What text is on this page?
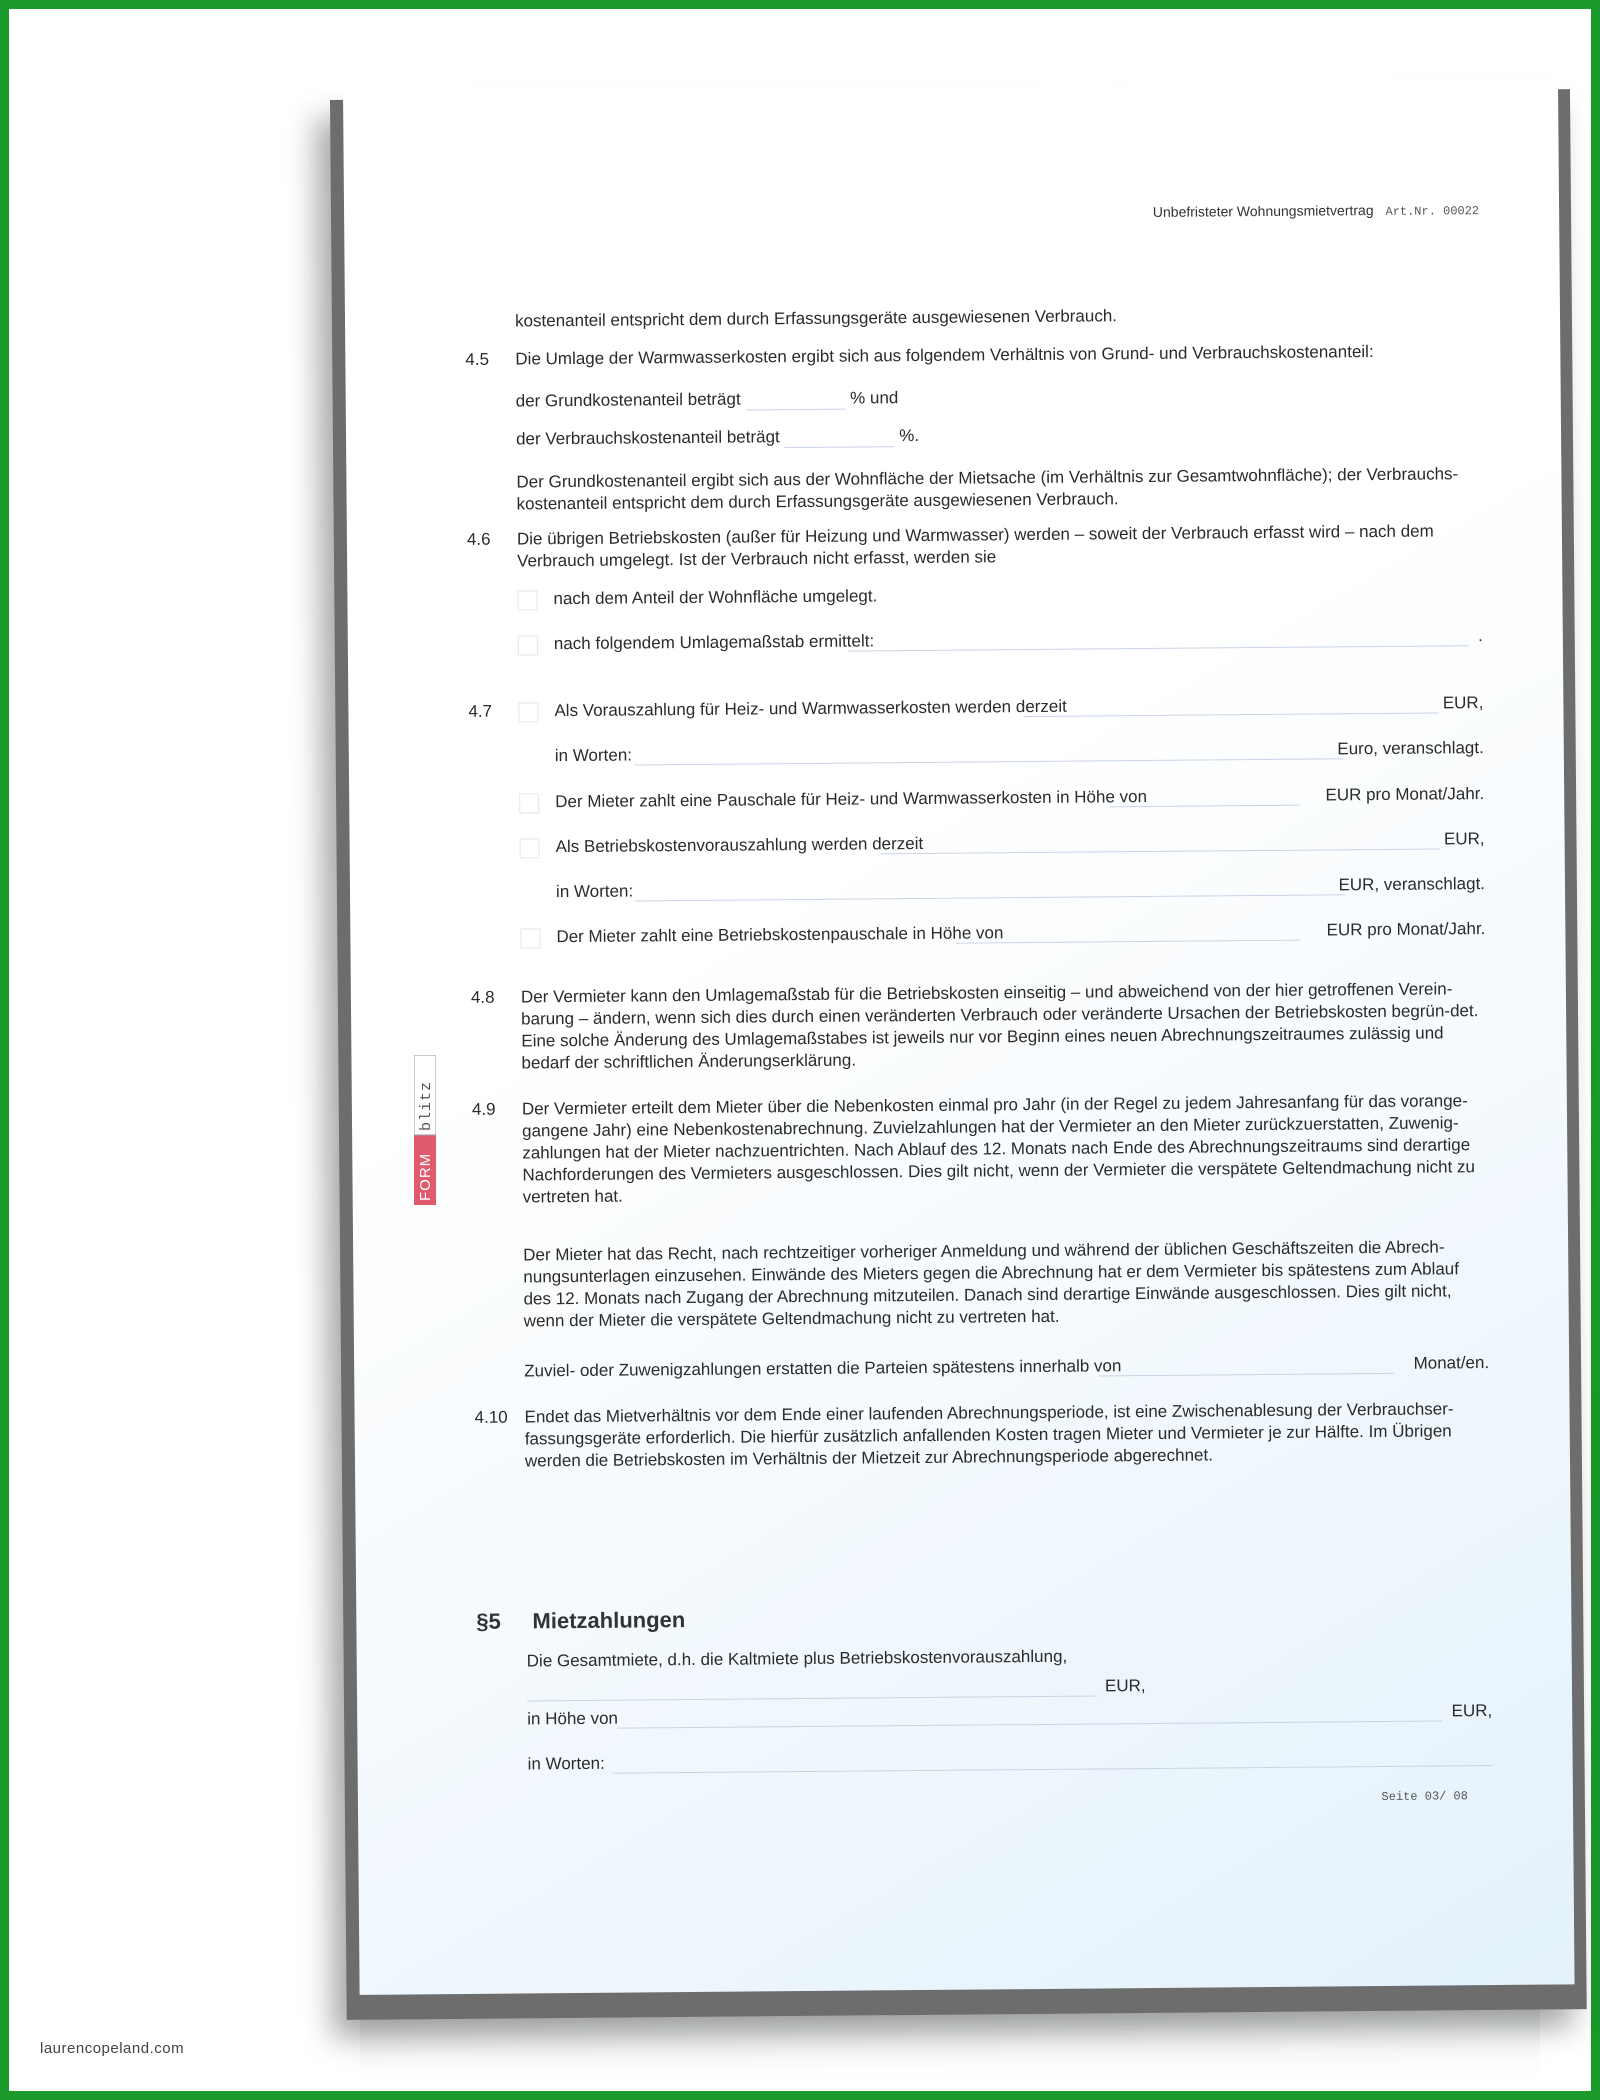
Unbefristeter Wohnungsmietvertrag Art.Nr. 00022
kostenanteil entspricht dem durch Erfassungsgeräte ausgewiesenen Verbrauch.
4.5	Die Umlage der Warmwasserkosten ergibt sich aus folgendem Verhältnis von Grund- und Verbrauchskostenanteil:
der Grundkostenanteil beträgt	% und
der Verbrauchskostenanteil beträgt	%.
Der Grundkostenanteil ergibt sich aus der Wohnfläche der Mietsache (im Verhältnis zur Gesamtwohnfläche); der Verbrauchs-kostenanteil entspricht dem durch Erfassungsgeräte ausgewiesenen Verbrauch.
4.6	Die übrigen Betriebskosten (außer für Heizung und Warmwasser) werden – soweit der Verbrauch erfasst wird – nach dem Verbrauch umgelegt. Ist der Verbrauch nicht erfasst, werden sie
nach dem Anteil der Wohnfläche umgelegt.
nach folgendem Umlagemaßstab ermittelt:	.
4.7	Als Vorauszahlung für Heiz- und Warmwasserkosten werden derzeit	EUR,
in Worten:	Euro, veranschlagt.
Der Mieter zahlt eine Pauschale für Heiz- und Warmwasserkosten in Höhe von	EUR pro Monat/Jahr.
Als Betriebskostenvorauszahlung werden derzeit	EUR,
in Worten:	EUR, veranschlagt.
Der Mieter zahlt eine Betriebskostenpauschale in Höhe von	EUR pro Monat/Jahr.
4.8	Der Vermieter kann den Umlagemaßstab für die Betriebskosten einseitig – und abweichend von der hier getroffenen Verein-barung – ändern, wenn sich dies durch einen veränderten Verbrauch oder veränderte Ursachen der Betriebskosten begrün-det. Eine solche Änderung des Umlagemaßstabes ist jeweils nur vor Beginn eines neuen Abrechnungszeitraumes zulässig und bedarf der schriftlichen Änderungserklärung.
4.9	Der Vermieter erteilt dem Mieter über die Nebenkosten einmal pro Jahr (in der Regel zu jedem Jahresanfang für das vorange-gangene Jahr) eine Nebenkostenabrechnung. Zuvielzahlungen hat der Vermieter an den Mieter zurückzuerstatten, Zuwenig-zahlungen hat der Mieter nachzuentrichten. Nach Ablauf des 12. Monats nach Ende des Abrechnungszeitraums sind derartige Nachforderungen des Vermieters ausgeschlossen. Dies gilt nicht, wenn der Vermieter die verspätete Geltendmachung nicht zu vertreten hat.
Der Mieter hat das Recht, nach rechtzeitiger vorheriger Anmeldung und während der üblichen Geschäftszeiten die Abrech-nungsunterlagen einzusehen. Einwände des Mieters gegen die Abrechnung hat er dem Vermieter bis spätestens zum Ablauf des 12. Monats nach Zugang der Abrechnung mitzuteilen. Danach sind derartige Einwände ausgeschlossen. Dies gilt nicht, wenn der Mieter die verspätete Geltendmachung nicht zu vertreten hat.
Zuviel- oder Zuwenigzahlungen erstatten die Parteien spätestens innerhalb von	Monat/en.
4.10 Endet das Mietverhältnis vor dem Ende einer laufenden Abrechnungsperiode, ist eine Zwischenablesung der Verbrauchser-fassungsgeräte erforderlich. Die hierfür zusätzlich anfallenden Kosten tragen Mieter und Vermieter je zur Hälfte. Im Übrigen werden die Betriebskosten im Verhältnis der Mietzeit zur Abrechnungsperiode abgerechnet.
§5 Mietzahlungen
Die Gesamtmiete, d.h. die Kaltmiete plus Betriebskostenvorauszahlung,
EUR,
in Höhe von	EUR,
in Worten:
Seite 03/ 08
FORM
blitz
laurencopeland.com
